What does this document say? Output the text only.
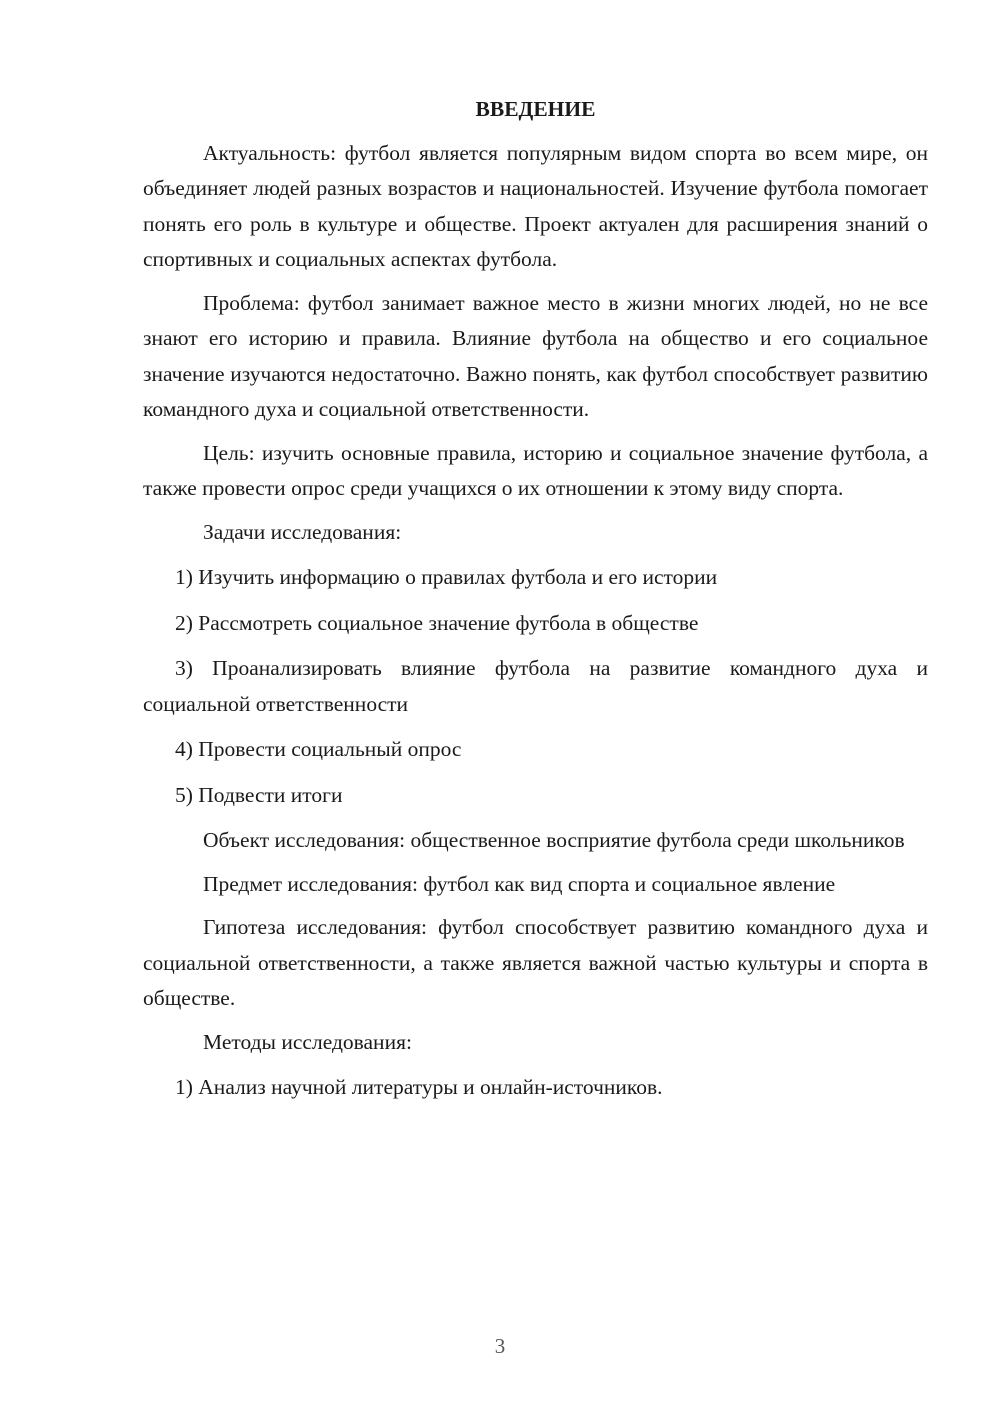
ВВЕДЕНИЕ

Актуальность: футбол является популярным видом спорта во всем мире, он объединяет людей разных возрастов и национальностей. Изучение футбола помогает понять его роль в культуре и обществе. Проект актуален для расширения знаний о спортивных и социальных аспектах футбола.

Проблема: футбол занимает важное место в жизни многих людей, но не все знают его историю и правила. Влияние футбола на общество и его социальное значение изучаются недостаточно. Важно понять, как футбол способствует развитию командного духа и социальной ответственности.

Цель: изучить основные правила, историю и социальное значение футбола, а также провести опрос среди учащихся о их отношении к этому виду спорта.

Задачи исследования:

1) Изучить информацию о правилах футбола и его истории

2) Рассмотреть социальное значение футбола в обществе

3) Проанализировать влияние футбола на развитие командного духа и социальной ответственности

4) Провести социальный опрос

5) Подвести итоги

Объект исследования: общественное восприятие футбола среди школьников

Предмет исследования: футбол как вид спорта и социальное явление

Гипотеза исследования: футбол способствует развитию командного духа и социальной ответственности, а также является важной частью культуры и спорта в обществе.

Методы исследования:

1) Анализ научной литературы и онлайн-источников.

3
